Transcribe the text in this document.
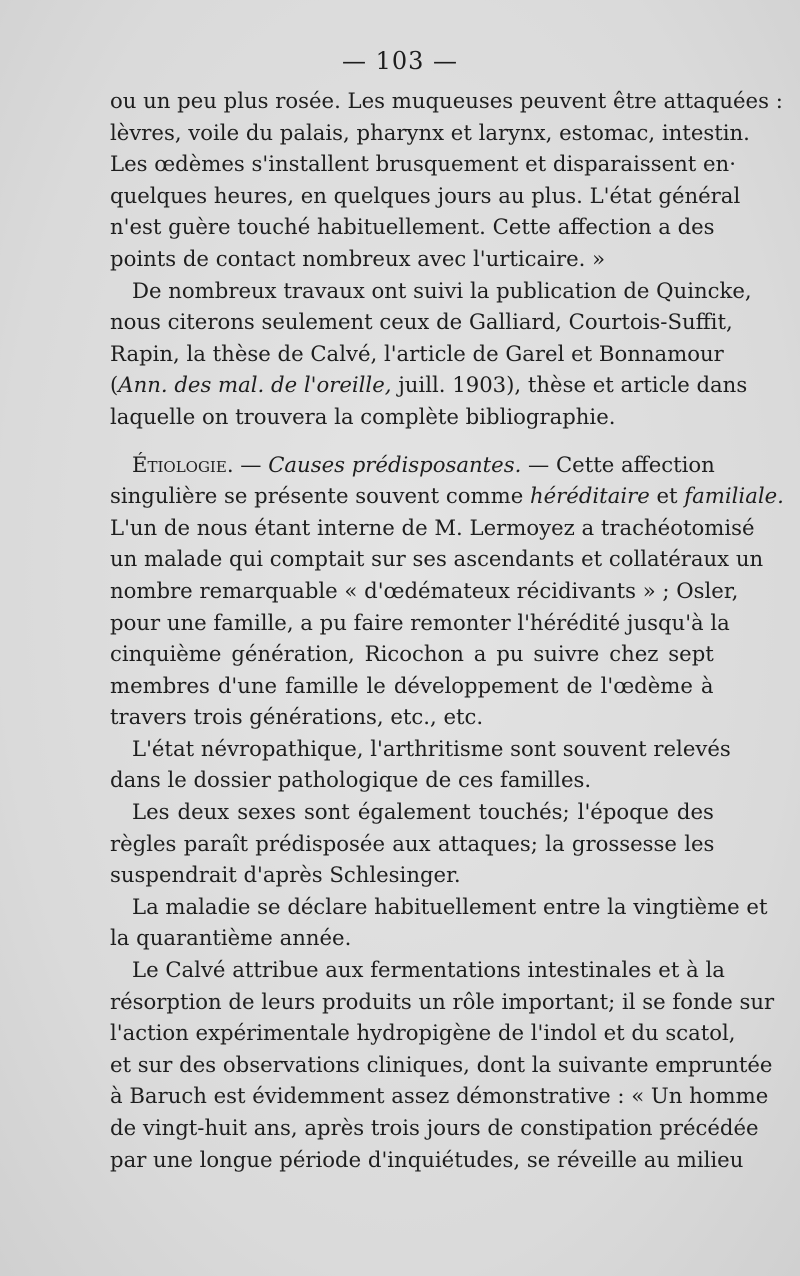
— 103 —
ou un peu plus rosée. Les muqueuses peuvent être attaquées :
lèvres, voile du palais, pharynx et larynx, estomac, intestin.
Les œdèmes s'installent brusquement et disparaissent en·
quelques heures, en quelques jours au plus. L'état général
n'est guère touché habituellement. Cette affection a des
points de contact nombreux avec l'urticaire. »
De nombreux travaux ont suivi la publication de Quincke,
nous citerons seulement ceux de Galliard, Courtois-Suffit,
Rapin, la thèse de Calvé, l'article de Garel et Bonnamour
(Ann. des mal. de l'oreille, juill. 1903), thèse et article dans
laquelle on trouvera la complète bibliographie.
Étiologie. — Causes prédisposantes. — Cette affection
singulière se présente souvent comme héréditaire et familiale.
L'un de nous étant interne de M. Lermoyez a trachéotomisé
un malade qui comptait sur ses ascendants et collatéraux un
nombre remarquable « d'œdémateux récidivants » ; Osler,
pour une famille, a pu faire remonter l'hérédité jusqu'à la
cinquième génération, Ricochon a pu suivre chez sept
membres d'une famille le développement de l'œdème à
travers trois générations, etc., etc.
L'état névropathique, l'arthritisme sont souvent relevés
dans le dossier pathologique de ces familles.
Les deux sexes sont également touchés; l'époque des
règles paraît prédisposée aux attaques; la grossesse les
suspendrait d'après Schlesinger.
La maladie se déclare habituellement entre la vingtième et
la quarantième année.
Le Calvé attribue aux fermentations intestinales et à la
résorption de leurs produits un rôle important; il se fonde sur
l'action expérimentale hydropigène de l'indol et du scatol,
et sur des observations cliniques, dont la suivante empruntée
à Baruch est évidemment assez démonstrative : « Un homme
de vingt-huit ans, après trois jours de constipation précédée
par une longue période d'inquiétudes, se réveille au milieu
